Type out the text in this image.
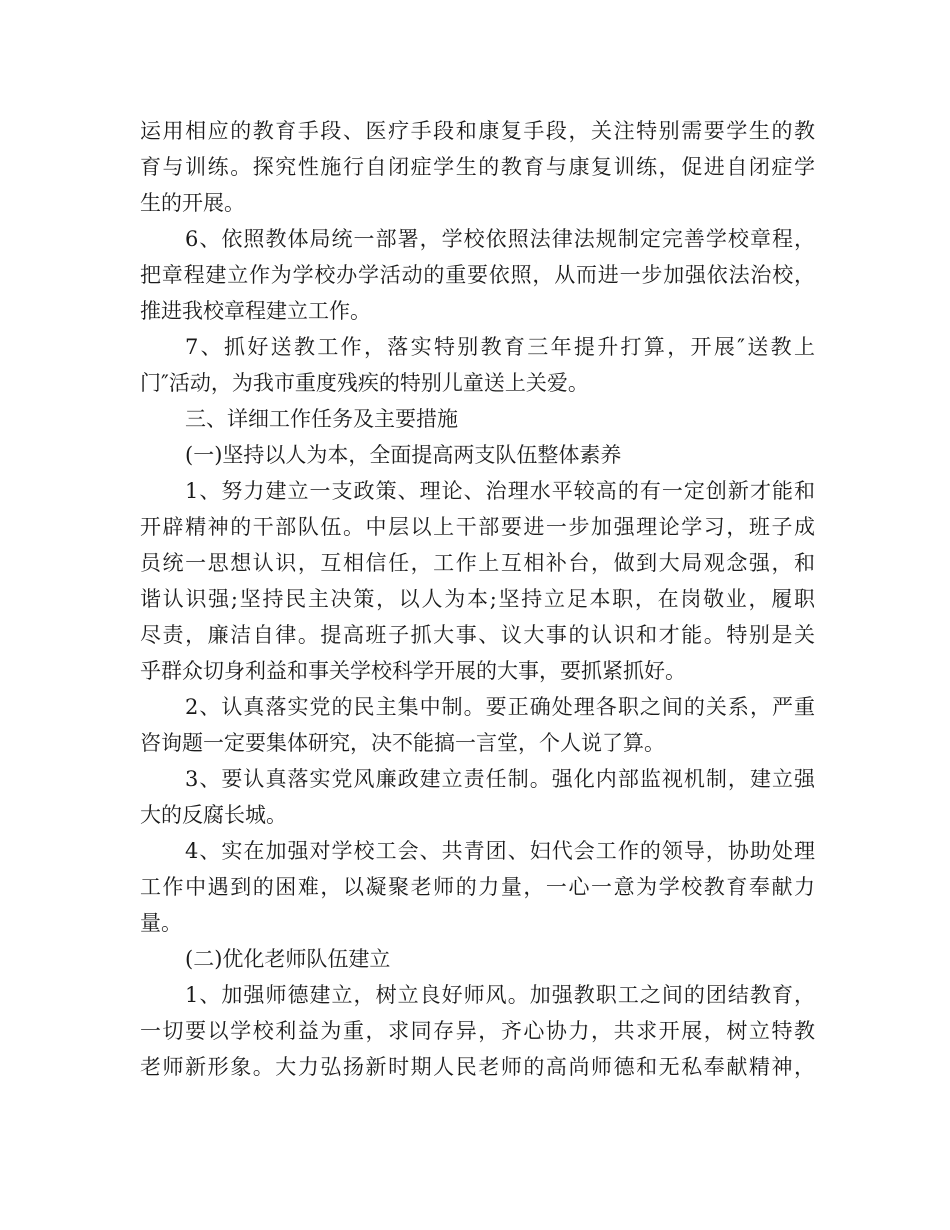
运用相应的教育手段、医疗手段和康复手段，关注特别需要学生的教
育与训练。探究性施行自闭症学生的教育与康复训练，促进自闭症学
生的开展。
6、依照教体局统一部署，学校依照法律法规制定完善学校章程，
把章程建立作为学校办学活动的重要依照，从而进一步加强依法治校，
推进我校章程建立工作。
7、抓好送教工作，落实特别教育三年提升打算，开展″送教上
门″活动，为我市重度残疾的特别儿童送上关爱。
三、详细工作任务及主要措施
(一)坚持以人为本，全面提高两支队伍整体素养
1、努力建立一支政策、理论、治理水平较高的有一定创新才能和
开辟精神的干部队伍。中层以上干部要进一步加强理论学习，班子成
员统一思想认识，互相信任，工作上互相补台，做到大局观念强，和
谐认识强;坚持民主决策，以人为本;坚持立足本职，在岗敬业，履职
尽责，廉洁自律。提高班子抓大事、议大事的认识和才能。特别是关
乎群众切身利益和事关学校科学开展的大事，要抓紧抓好。
2、认真落实党的民主集中制。要正确处理各职之间的关系，严重
咨询题一定要集体研究，决不能搞一言堂，个人说了算。
3、要认真落实党风廉政建立责任制。强化内部监视机制，建立强
大的反腐长城。
4、实在加强对学校工会、共青团、妇代会工作的领导，协助处理
工作中遇到的困难，以凝聚老师的力量，一心一意为学校教育奉献力
量。
(二)优化老师队伍建立
1、加强师德建立，树立良好师风。加强教职工之间的团结教育，
一切要以学校利益为重，求同存异，齐心协力，共求开展，树立特教
老师新形象。大力弘扬新时期人民老师的高尚师德和无私奉献精神，
